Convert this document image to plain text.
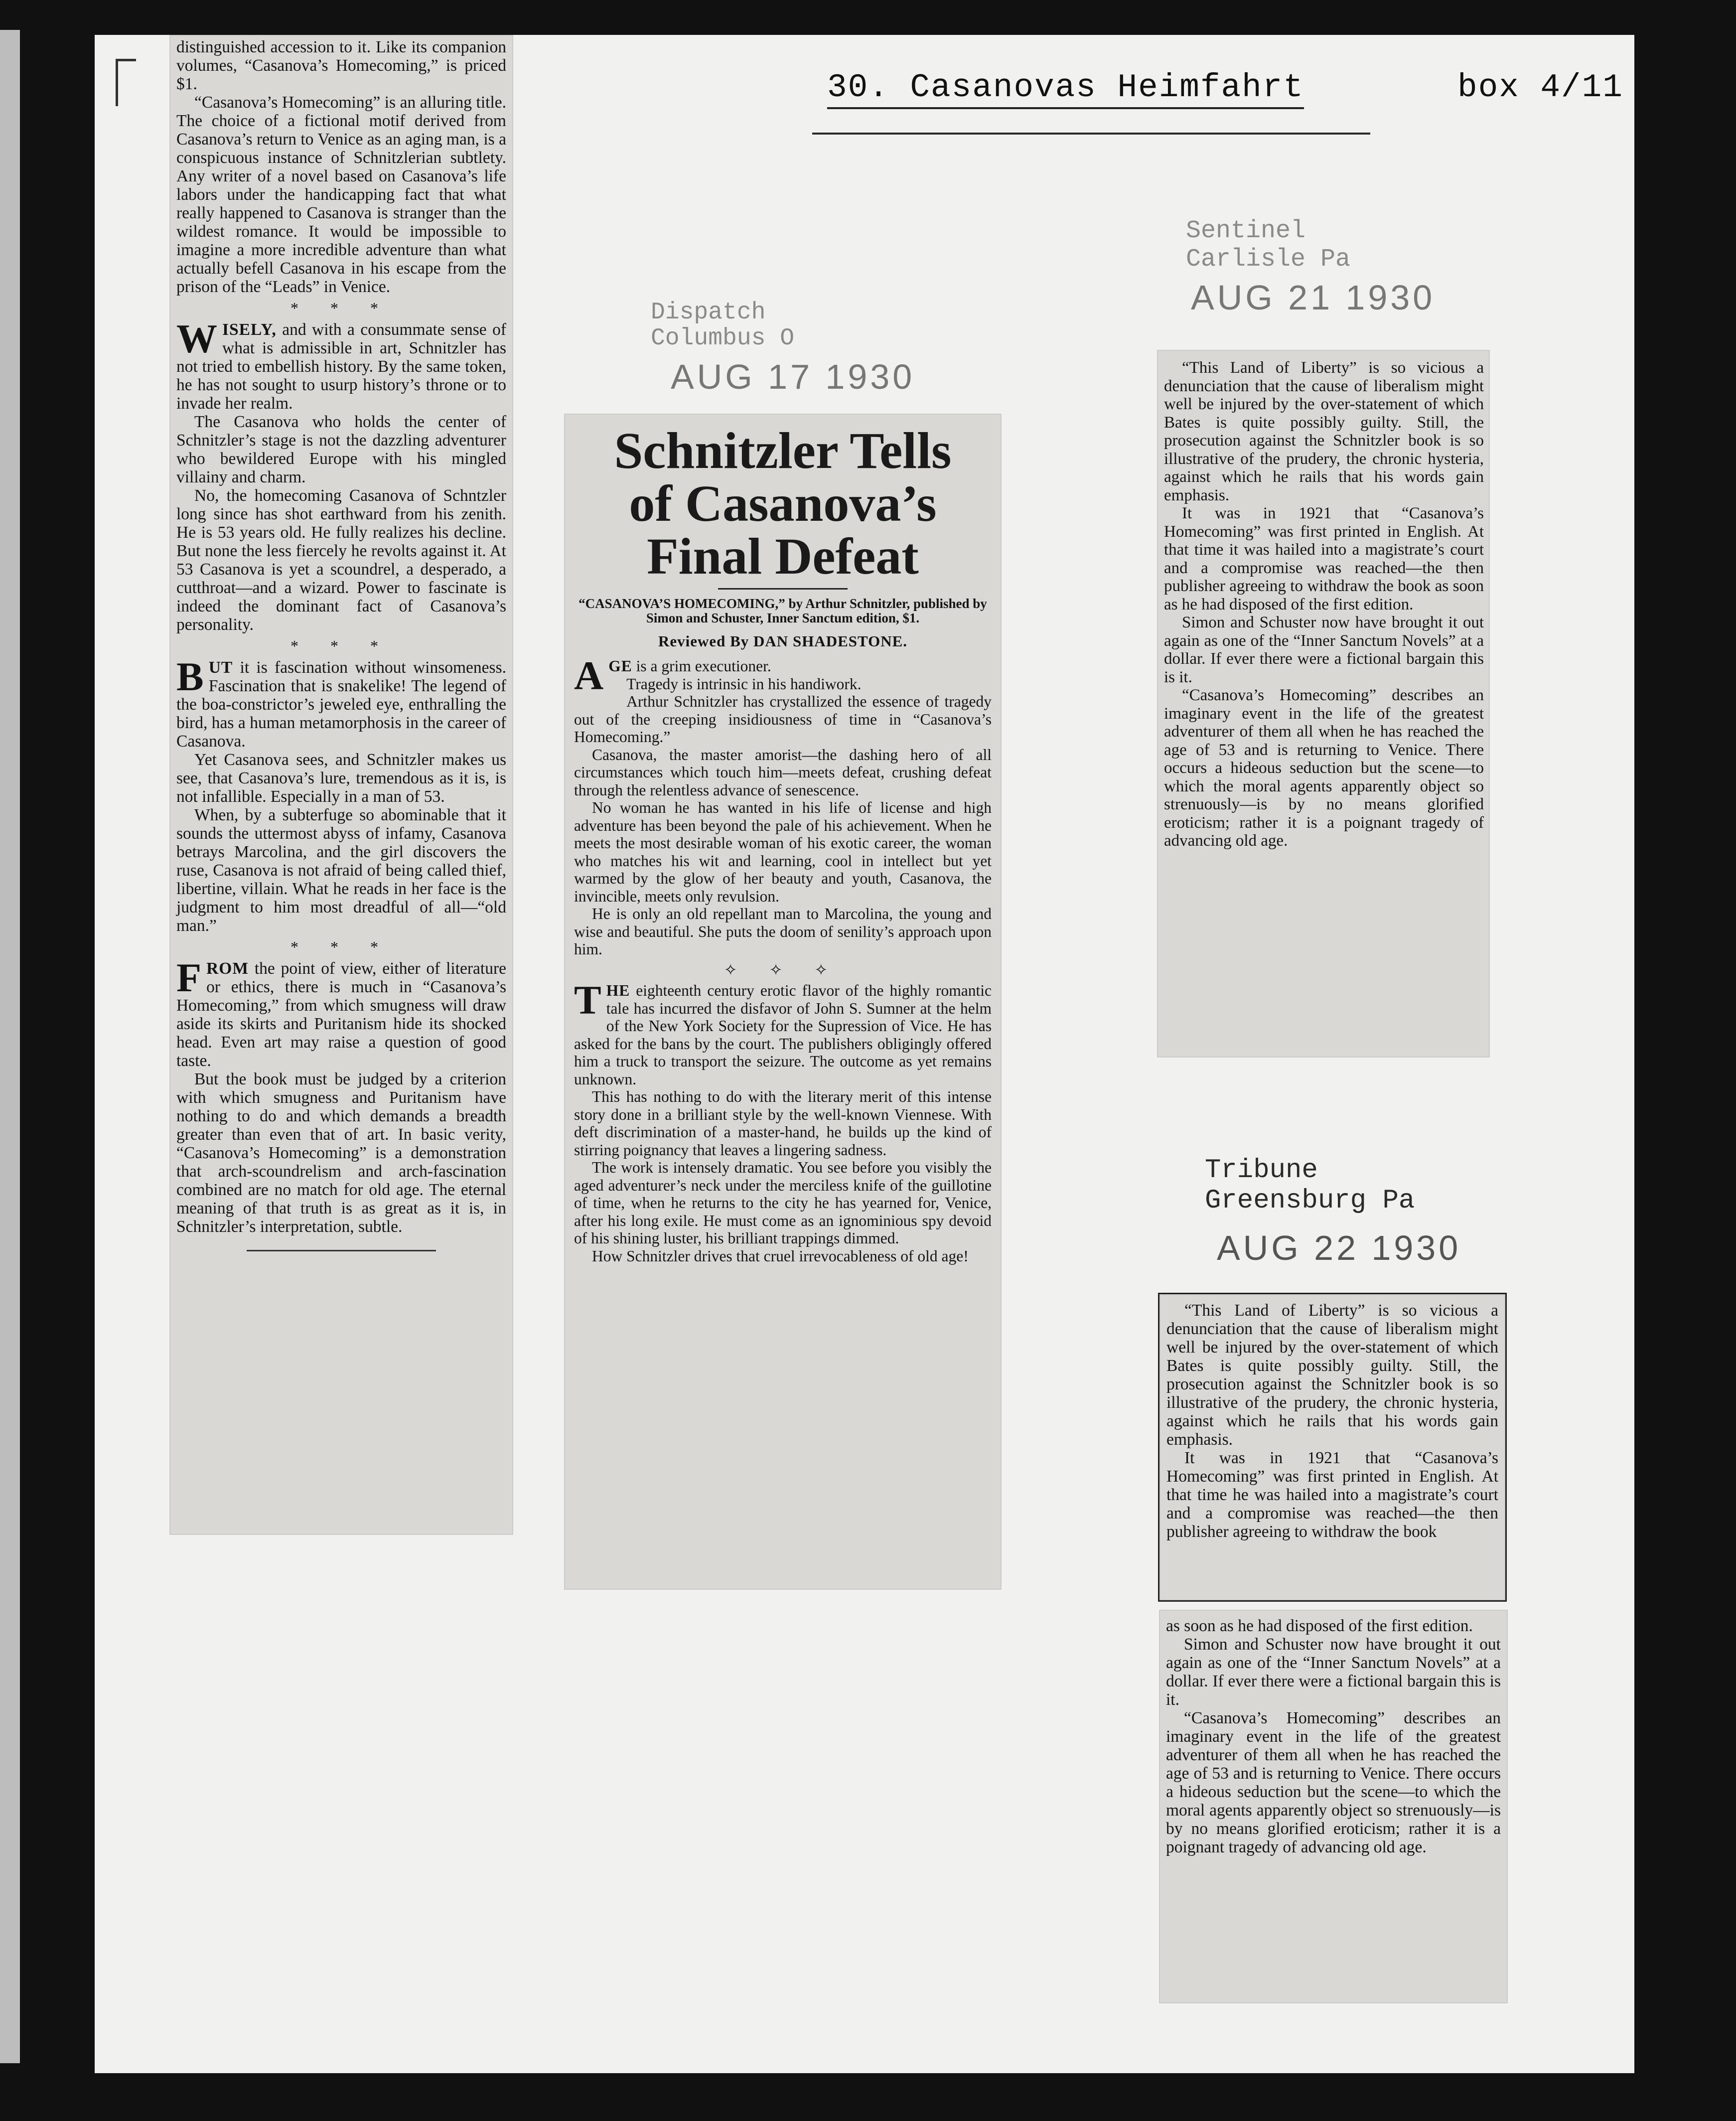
30. Casanovas Heimfahrt	box 4/11

distinguished accession to it. Like its companion volumes, “Casanova’s Homecoming,” is priced $1.

“Casanova’s Homecoming” is an alluring title. The choice of a fictional motif derived from Casanova’s return to Venice as an aging man, is a conspicuous instance of Schnitzlerian subtlety. Any writer of a novel based on Casanova’s life labors under the handicapping fact that what really happened to Casanova is stranger than the wildest romance. It would be impossible to imagine a more incredible adventure than what actually befell Casanova in his escape from the prison of the “Leads” in Venice.

* * *

WISELY, and with a consummate sense of what is admissible in art, Schnitzler has not tried to embellish history. By the same token, he has not sought to usurp history’s throne or to invade her realm.

The Casanova who holds the center of Schnitzler’s stage is not the dazzling adventurer who bewildered Europe with his mingled villainy and charm.

No, the homecoming Casanova of Schntzler long since has shot earthward from his zenith. He is 53 years old. He fully realizes his decline. But none the less fiercely he revolts against it. At 53 Casanova is yet a scoundrel, a desperado, a cutthroat—and a wizard. Power to fascinate is indeed the dominant fact of Casanova’s personality.

* * *

BUT it is fascination without winsomeness. Fascination that is snakelike! The legend of the boa-constrictor’s jeweled eye, enthralling the bird, has a human metamorphosis in the career of Casanova.

Yet Casanova sees, and Schnitzler makes us see, that Casanova’s lure, tremendous as it is, is not infallible. Especially in a man of 53.

When, by a subterfuge so abominable that it sounds the uttermost abyss of infamy, Casanova betrays Marcolina, and the girl discovers the ruse, Casanova is not afraid of being called thief, libertine, villain. What he reads in her face is the judgment to him most dreadful of all—“old man.”

* * *

FROM the point of view, either of literature or ethics, there is much in “Casanova’s Homecoming,” from which smugness will draw aside its skirts and Puritanism hide its shocked head. Even art may raise a question of good taste.

But the book must be judged by a criterion with which smugness and Puritanism have nothing to do and which demands a breadth greater than even that of art. In basic verity, “Casanova’s Homecoming” is a demonstration that arch-scoundrelism and arch-fascination combined are no match for old age. The eternal meaning of that truth is as great as it is, in Schnitzler’s interpretation, subtle.

Dispatch
Columbus O
AUG 17 1930
Schnitzler Tells
of Casanova’s
Final Defeat
“CASANOVA’S HOMECOMING,” by Arthur Schnitzler, published by Simon and Schuster, Inner Sanctum edition, $1.
Reviewed By DAN SHADESTONE.

AGE is a grim executioner.

Tragedy is intrinsic in his handiwork.

Arthur Schnitzler has crystallized the essence of tragedy out of the creeping insidiousness of time in “Casanova’s Homecoming.”

Casanova, the master amorist—the dashing hero of all circumstances which touch him—meets defeat, crushing defeat through the relentless advance of senescence.

No woman he has wanted in his life of license and high adventure has been beyond the pale of his achievement. When he meets the most desirable woman of his exotic career, the woman who matches his wit and learning, cool in intellect but yet warmed by the glow of her beauty and youth, Casanova, the invincible, meets only revulsion.

He is only an old repellant man to Marcolina, the young and wise and beautiful. She puts the doom of senility’s approach upon him.

✧ ✧ ✧

THE eighteenth century erotic flavor of the highly romantic tale has incurred the disfavor of John S. Sumner at the helm of the New York Society for the Supression of Vice. He has asked for the bans by the court. The publishers obligingly offered him a truck to transport the seizure. The outcome as yet remains unknown.

This has nothing to do with the literary merit of this intense story done in a brilliant style by the well-known Viennese. With deft discrimination of a master-hand, he builds up the kind of stirring poignancy that leaves a lingering sadness.

The work is intensely dramatic. You see before you visibly the aged adventurer’s neck under the merciless knife of the guillotine of time, when he returns to the city he has yearned for, Venice, after his long exile. He must come as an ignominious spy devoid of his shining luster, his brilliant trappings dimmed.

How Schnitzler drives that cruel irrevocableness of old age!

Sentinel
Carlisle Pa
AUG 21 1930

“This Land of Liberty” is so vicious a denunciation that the cause of liberalism might well be injured by the over-statement of which Bates is quite possibly guilty. Still, the prosecution against the Schnitzler book is so illustrative of the prudery, the chronic hysteria, against which he rails that his words gain emphasis.

It was in 1921 that “Casanova’s Homecoming” was first printed in English. At that time it was hailed into a magistrate’s court and a compromise was reached—the then publisher agreeing to withdraw the book as soon as he had disposed of the first edition.

Simon and Schuster now have brought it out again as one of the “Inner Sanctum Novels” at a dollar. If ever there were a fictional bargain this is it.

“Casanova’s Homecoming” describes an imaginary event in the life of the greatest adventurer of them all when he has reached the age of 53 and is returning to Venice. There occurs a hideous seduction but the scene—to which the moral agents apparently object so strenuously—is by no means glorified eroticism; rather it is a poignant tragedy of advancing old age.

Tribune
Greensburg Pa
AUG 22 1930

“This Land of Liberty” is so vicious a denunciation that the cause of liberalism might well be injured by the over-statement of which Bates is quite possibly guilty. Still, the prosecution against the Schnitzler book is so illustrative of the prudery, the chronic hysteria, against which he rails that his words gain emphasis.

It was in 1921 that “Casanova’s Homecoming” was first printed in English. At that time he was hailed into a magistrate’s court and a compromise was reached—the then publisher agreeing to withdraw the book

as soon as he had disposed of the first edition.

Simon and Schuster now have brought it out again as one of the “Inner Sanctum Novels” at a dollar. If ever there were a fictional bargain this is it.

“Casanova’s Homecoming” describes an imaginary event in the life of the greatest adventurer of them all when he has reached the age of 53 and is returning to Venice. There occurs a hideous seduction but the scene—to which the moral agents apparently object so strenuously—is by no means glorified eroticism; rather it is a poignant tragedy of advancing old age.
